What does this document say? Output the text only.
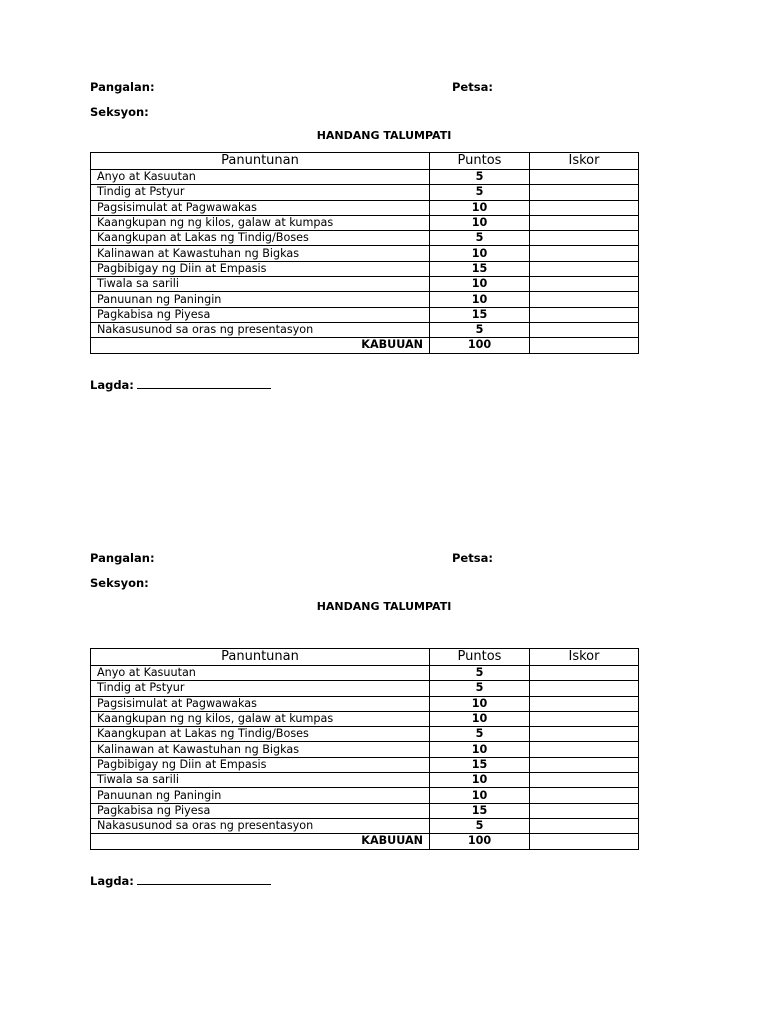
Pangalan:	Petsa:
Seksyon:
HANDANG TALUMPATI
Panuntunan	Puntos	Iskor
Anyo at Kasuutan	5	
Tindig at Pstyur	5	
Pagsisimulat at Pagwawakas	10	
Kaangkupan ng ng kilos, galaw at kumpas	10	
Kaangkupan at Lakas ng Tindig/Boses	5	
Kalinawan at Kawastuhan ng Bigkas	10	
Pagbibigay ng Diin at Empasis	15	
Tiwala sa sarili	10	
Panuunan ng Paningin	10	
Pagkabisa ng Piyesa	15	
Nakasusunod sa oras ng presentasyon	5	
KABUUAN	100	
Lagda:
Pangalan:	Petsa:
Seksyon:
HANDANG TALUMPATI
Panuntunan	Puntos	Iskor
Anyo at Kasuutan	5	
Tindig at Pstyur	5	
Pagsisimulat at Pagwawakas	10	
Kaangkupan ng ng kilos, galaw at kumpas	10	
Kaangkupan at Lakas ng Tindig/Boses	5	
Kalinawan at Kawastuhan ng Bigkas	10	
Pagbibigay ng Diin at Empasis	15	
Tiwala sa sarili	10	
Panuunan ng Paningin	10	
Pagkabisa ng Piyesa	15	
Nakasusunod sa oras ng presentasyon	5	
KABUUAN	100	
Lagda:
